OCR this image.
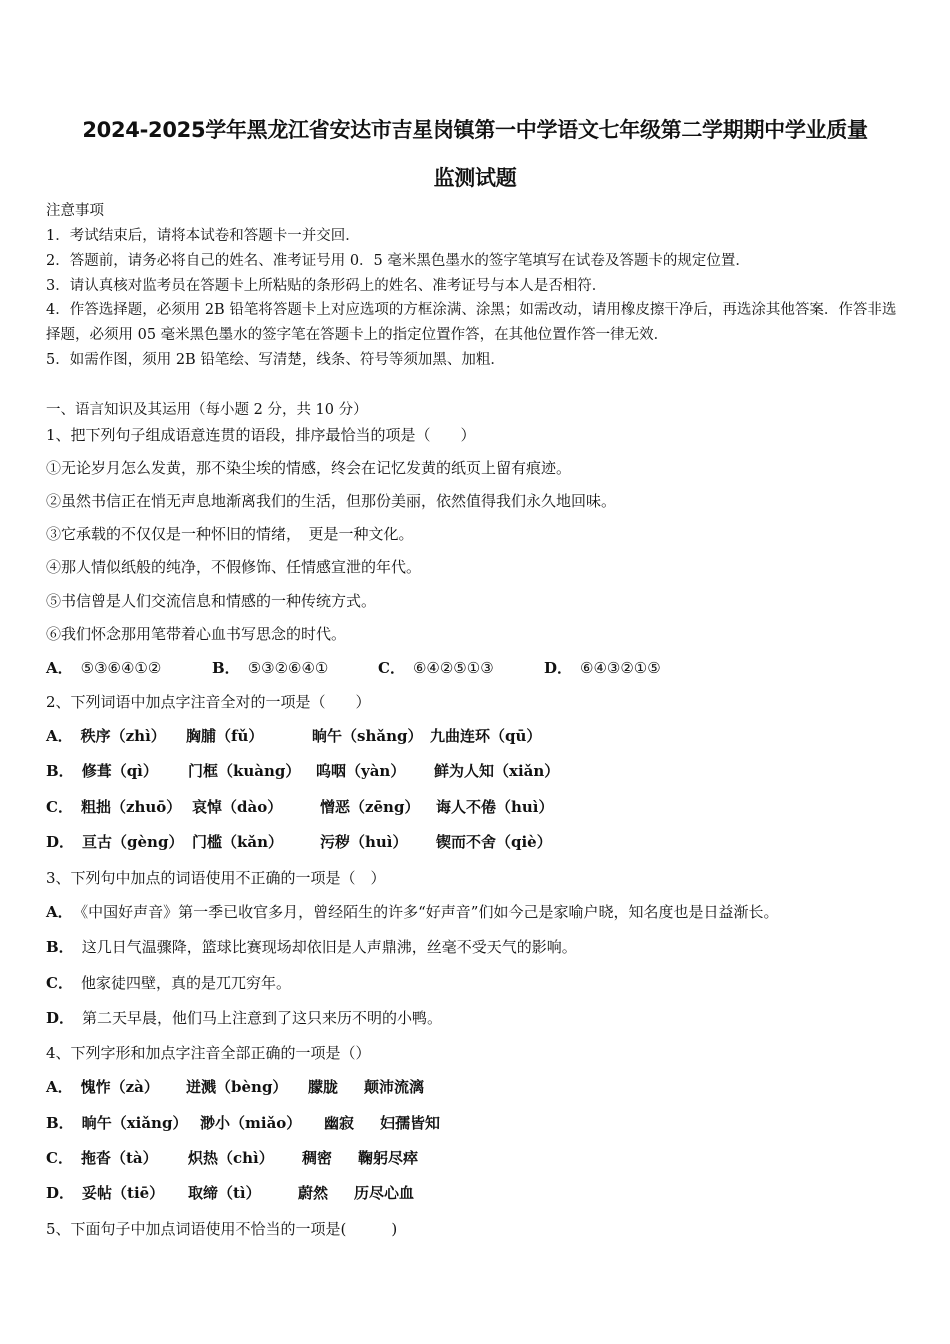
2024-2025学年黑龙江省安达市吉星岗镇第一中学语文七年级第二学期期中学业质量
监测试题
注意事项
1．考试结束后，请将本试卷和答题卡一并交回．
2．答题前，请务必将自己的姓名、准考证号用 0．5 毫米黑色墨水的签字笔填写在试卷及答题卡的规定位置．
3．请认真核对监考员在答题卡上所粘贴的条形码上的姓名、准考证号与本人是否相符．
4．作答选择题，必须用 2B 铅笔将答题卡上对应选项的方框涂满、涂黑；如需改动，请用橡皮擦干净后，再选涂其他答案．作答非选择题，必须用 05 毫米黑色墨水的签字笔在答题卡上的指定位置作答，在其他位置作答一律无效．
5．如需作图，须用 2B 铅笔绘、写清楚，线条、符号等须加黑、加粗．
一、语言知识及其运用（每小题 2 分，共 10 分）
1、把下列句子组成语意连贯的语段，排序最恰当的项是（　　）
①无论岁月怎么发黄，那不染尘埃的情感，终会在记忆发黄的纸页上留有痕迹。
②虽然书信正在悄无声息地渐离我们的生活，但那份美丽，依然值得我们永久地回味。
③它承载的不仅仅是一种怀旧的情绪，　更是一种文化。
④那人情似纸般的纯净，不假修饰、任情感宣泄的年代。
⑤书信曾是人们交流信息和情感的一种传统方式。
⑥我们怀念那用笔带着心血书写思念的时代。
A． ⑤③⑥④①②	B． ⑤③②⑥④①	C． ⑥④②⑤①③	D． ⑥④③②①⑤
2、下列词语中加点字注音全对的一项是（　　）
A． 秩序（zhì） 胸脯（fǔ）	晌午（shǎng） 九曲连环（qū）
B． 修葺（qì） 门框（kuàng） 呜咽（yàn） 鲜为人知（xiǎn）
C． 粗拙（zhuō） 哀悼（dào）	憎恶（zēng） 诲人不倦（huì）
D． 亘古（gèng） 门槛（kǎn） 污秽（huì） 锲而不舍（qiè）
3、下列句中加点的词语使用不正确的一项是（　）
A． 《中国好声音》第一季已收官多月，曾经陌生的许多“好声音”们如今己是家喻户晓，知名度也是日益渐长。
B． 这几日气温骤降，篮球比赛现场却依旧是人声鼎沸，丝毫不受天气的影响。
C． 他家徒四壁，真的是兀兀穷年。
D． 第二天早晨，他们马上注意到了这只来历不明的小鸭。
4、下列字形和加点字注音全部正确的一项是（）
A． 愧怍（zà） 迸溅（bèng） 朦胧 颠沛流漓
B． 晌午（xiǎng） 渺小（miǎo） 幽寂 妇孺皆知
C． 拖沓（tà） 炽热（chì） 稠密 鞠躬尽瘁
D． 妥帖（tiē） 取缔（tì） 蔚然 历尽心血
5、下面句子中加点词语使用不恰当的一项是(　　　)
